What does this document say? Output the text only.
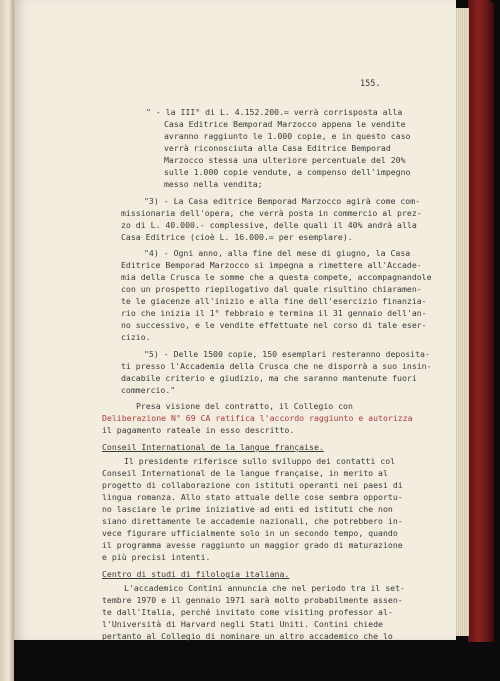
155.
" - la III° di L. 4.152.200.= verrà corrisposta alla
Casa Editrice Bemporad Marzocco appena le vendite
avranno raggiunto le 1.000 copie, e in questo caso
verrà riconosciuta alla Casa Editrice Bemporad
Marzocco stessa una ulteriore percentuale del 20%
sulle 1.000 copie vendute, a compenso dell'impegno
messo nella vendita;
"3) - La Casa editrice Bemporad Marzocco agirà come com-
missionaria dell'opera, che verrà posta in commercio al prez-
zo di L. 40.000.- complessive, delle quali il 40% andrà alla
Casa Editrice (cioè L. 16.000.= per esemplare).
"4) - Ogni anno, alla fine del mese di giugno, la Casa
Editrice Bemporad Marzocco si impegna a rimettere all'Accade-
mia della Crusca le somme che a questa compete, accompagnandole
con un prospetto riepilogativo dal quale risultino chiaramen-
te le giacenze all'inizio e alla fine dell'esercizio finanzia-
rio che inizia il 1° febbraio e termina il 31 gennaio dell'an-
no successivo, e le vendite effettuate nel corso di tale eser-
cizio.
"5) - Delle 1500 copie, 150 esemplari resteranno deposita-
ti presso l'Accademia della Crusca che ne disporrà a suo insin-
dacabile criterio e giudizio, ma che saranno mantenute fuori
commercio."
Presa visione del contratto, il Collegio con
Deliberazione N° 69 CA ratifica l'accordo raggiunto e autorizza
il pagamento rateale in esso descritto.
Conseil International de la langue française.
Il presidente riferisce sullo sviluppo dei contatti col
Conseil International de la langue française, in merito al
progetto di collaborazione con istituti operanti nei paesi di
lingua romanza. Allo stato attuale delle cose sembra opportu-
no lasciare le prime iniziative ad enti ed istituti che non
siano direttamente le accademie nazionali, che potrebbero in-
vece figurare ufficialmente solo in un secondo tempo, quando
il programma avesse raggiunto un maggior grado di maturazione
e più precisi intenti.
Centro di studi di filologia italiana.
L'accademico Contini annuncia che nel periodo tra il set-
tembre 1970 e il gennaio 1971 sarà molto probabilmente assen-
te dall'Italia, perché invitato come visiting professor al-
l'Università di Harvard negli Stati Uniti. Contini chiede
pertanto al Collegio di nominare un altro accademico che lo
